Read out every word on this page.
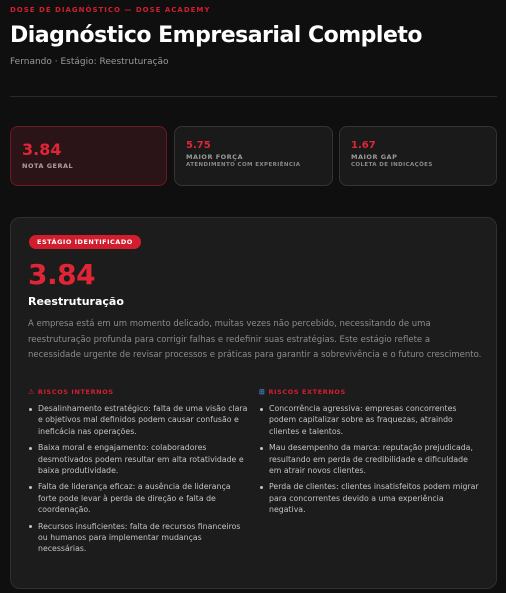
DOSE DE DIAGNÓSTICO — DOSE ACADEMY
Diagnóstico Empresarial Completo
Fernando · Estágio: Reestruturação
3.84
NOTA GERAL
5.75
MAIOR FORÇA
ATENDIMENTO COM EXPERIÊNCIA
1.67
MAIOR GAP
COLETA DE INDICAÇÕES
ESTÁGIO IDENTIFICADO
3.84
Reestruturação
A empresa está em um momento delicado, muitas vezes não percebido, necessitando de uma reestruturação profunda para corrigir falhas e redefinir suas estratégias. Este estágio reflete a necessidade urgente de revisar processos e práticas para garantir a sobrevivência e o futuro crescimento.
⚠ RISCOS INTERNOS
Desalinhamento estratégico: falta de uma visão clara e objetivos mal definidos podem causar confusão e ineficácia nas operações.
Baixa moral e engajamento: colaboradores desmotivados podem resultar em alta rotatividade e baixa produtividade.
Falta de liderança eficaz: a ausência de liderança forte pode levar à perda de direção e falta de coordenação.
Recursos insuficientes: falta de recursos financeiros ou humanos para implementar mudanças necessárias.
⊞ RISCOS EXTERNOS
Concorrência agressiva: empresas concorrentes podem capitalizar sobre as fraquezas, atraindo clientes e talentos.
Mau desempenho da marca: reputação prejudicada, resultando em perda de credibilidade e dificuldade em atrair novos clientes.
Perda de clientes: clientes insatisfeitos podem migrar para concorrentes devido a uma experiência negativa.
